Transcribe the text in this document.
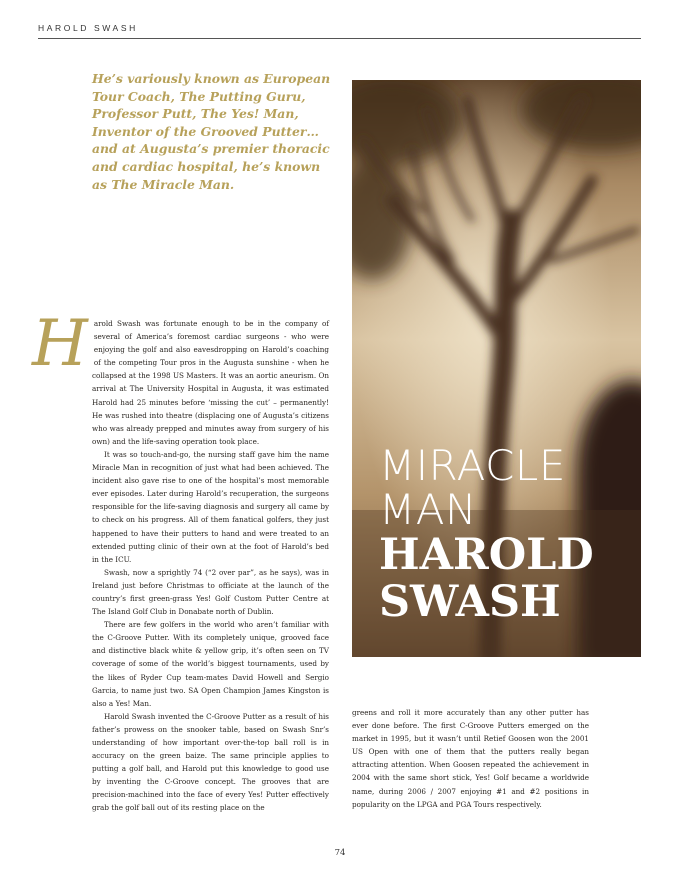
HAROLD SWASH

He’s variously known as European
Tour Coach, The Putting Guru,
Professor Putt, The Yes! Man,
Inventor of the Grooved Putter…
and at Augusta’s premier thoracic
and cardiac hospital, he’s known
as The Miracle Man.

MIRACLE
MAN
HAROLD
SWASH

Harold Swash was fortunate enough to be in the company of several of America’s foremost cardiac surgeons - who were enjoying the golf and also eavesdropping on Harold’s coaching of the competing Tour pros in the Augusta sunshine - when he collapsed at the 1998 US Masters. It was an aortic aneurism. On arrival at The University Hospital in Augusta, it was estimated Harold had 25 minutes before ‘missing the cut’ – permanently! He was rushed into theatre (displacing one of Augusta’s citizens who was already prepped and minutes away from surgery of his own) and the life-saving operation took place.

It was so touch-and-go, the nursing staff gave him the name Miracle Man in recognition of just what had been achieved. The incident also gave rise to one of the hospital’s most memorable ever episodes. Later during Harold’s recuperation, the surgeons responsible for the life-saving diagnosis and surgery all came by to check on his progress. All of them fanatical golfers, they just happened to have their putters to hand and were treated to an extended putting clinic of their own at the foot of Harold’s bed in the ICU.

Swash, now a sprightly 74 (“2 over par”, as he says), was in Ireland just before Christmas to officiate at the launch of the country’s first green-grass Yes! Golf Custom Putter Centre at The Island Golf Club in Donabate north of Dublin.

There are few golfers in the world who aren’t familiar with the C-Groove Putter. With its completely unique, grooved face and distinctive black white & yellow grip, it’s often seen on TV coverage of some of the world’s biggest tournaments, used by the likes of Ryder Cup team-mates David Howell and Sergio Garcia, to name just two. SA Open Champion James Kingston is also a Yes! Man.

Harold Swash invented the C-Groove Putter as a result of his father’s prowess on the snooker table, based on Swash Snr’s understanding of how important over-the-top ball roll is in accuracy on the green baize. The same principle applies to putting a golf ball, and Harold put this knowledge to good use by inventing the C-Groove concept. The grooves that are precision-machined into the face of every Yes! Putter effectively grab the golf ball out of its resting place on the

greens and roll it more accurately than any other putter has ever done before. The first C-Groove Putters emerged on the market in 1995, but it wasn’t until Retief Goosen won the 2001 US Open with one of them that the putters really began attracting attention. When Goosen repeated the achievement in 2004 with the same short stick, Yes! Golf became a worldwide name, during 2006 / 2007 enjoying #1 and #2 positions in popularity on the LPGA and PGA Tours respectively.

74
